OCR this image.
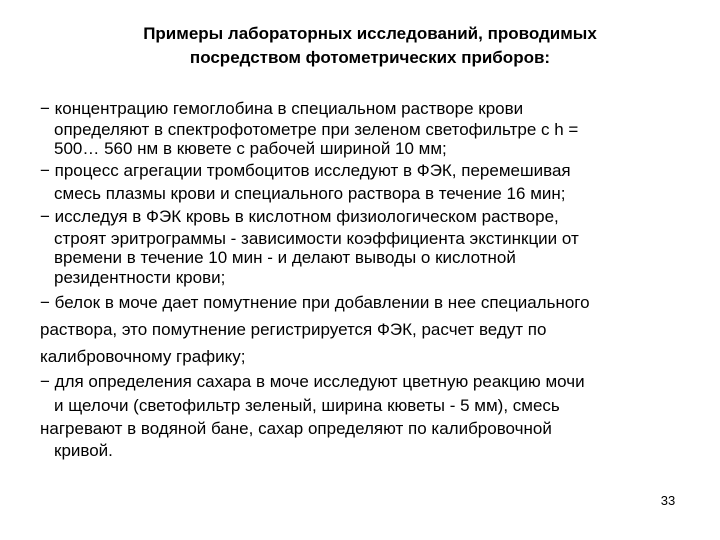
Примеры лабораторных исследований, проводимых
посредством фотометрических приборов:
− концентрацию гемоглобина в специальном растворе крови
определяют в спектрофотометре при зеленом светофильтре с h =
500… 560 нм в кювете с рабочей шириной 10 мм;
− процесс агрегации тромбоцитов исследуют в ФЭК, перемешивая
смесь плазмы крови и специального раствора в течение 16 мин;
− исследуя в ФЭК кровь в кислотном физиологическом растворе,
строят эритрограммы - зависимости коэффициента экстинкции от
времени в течение 10 мин - и делают выводы о кислотной
резидентности крови;
− белок в моче дает помутнение при добавлении в нее специального
раствора, это помутнение регистрируется ФЭК, расчет ведут по
калибровочному графику;
− для определения сахара в моче исследуют цветную реакцию мочи
и щелочи (светофильтр зеленый, ширина кюветы - 5 мм), смесь
нагревают в водяной бане, сахар определяют по калибровочной
кривой.
33
